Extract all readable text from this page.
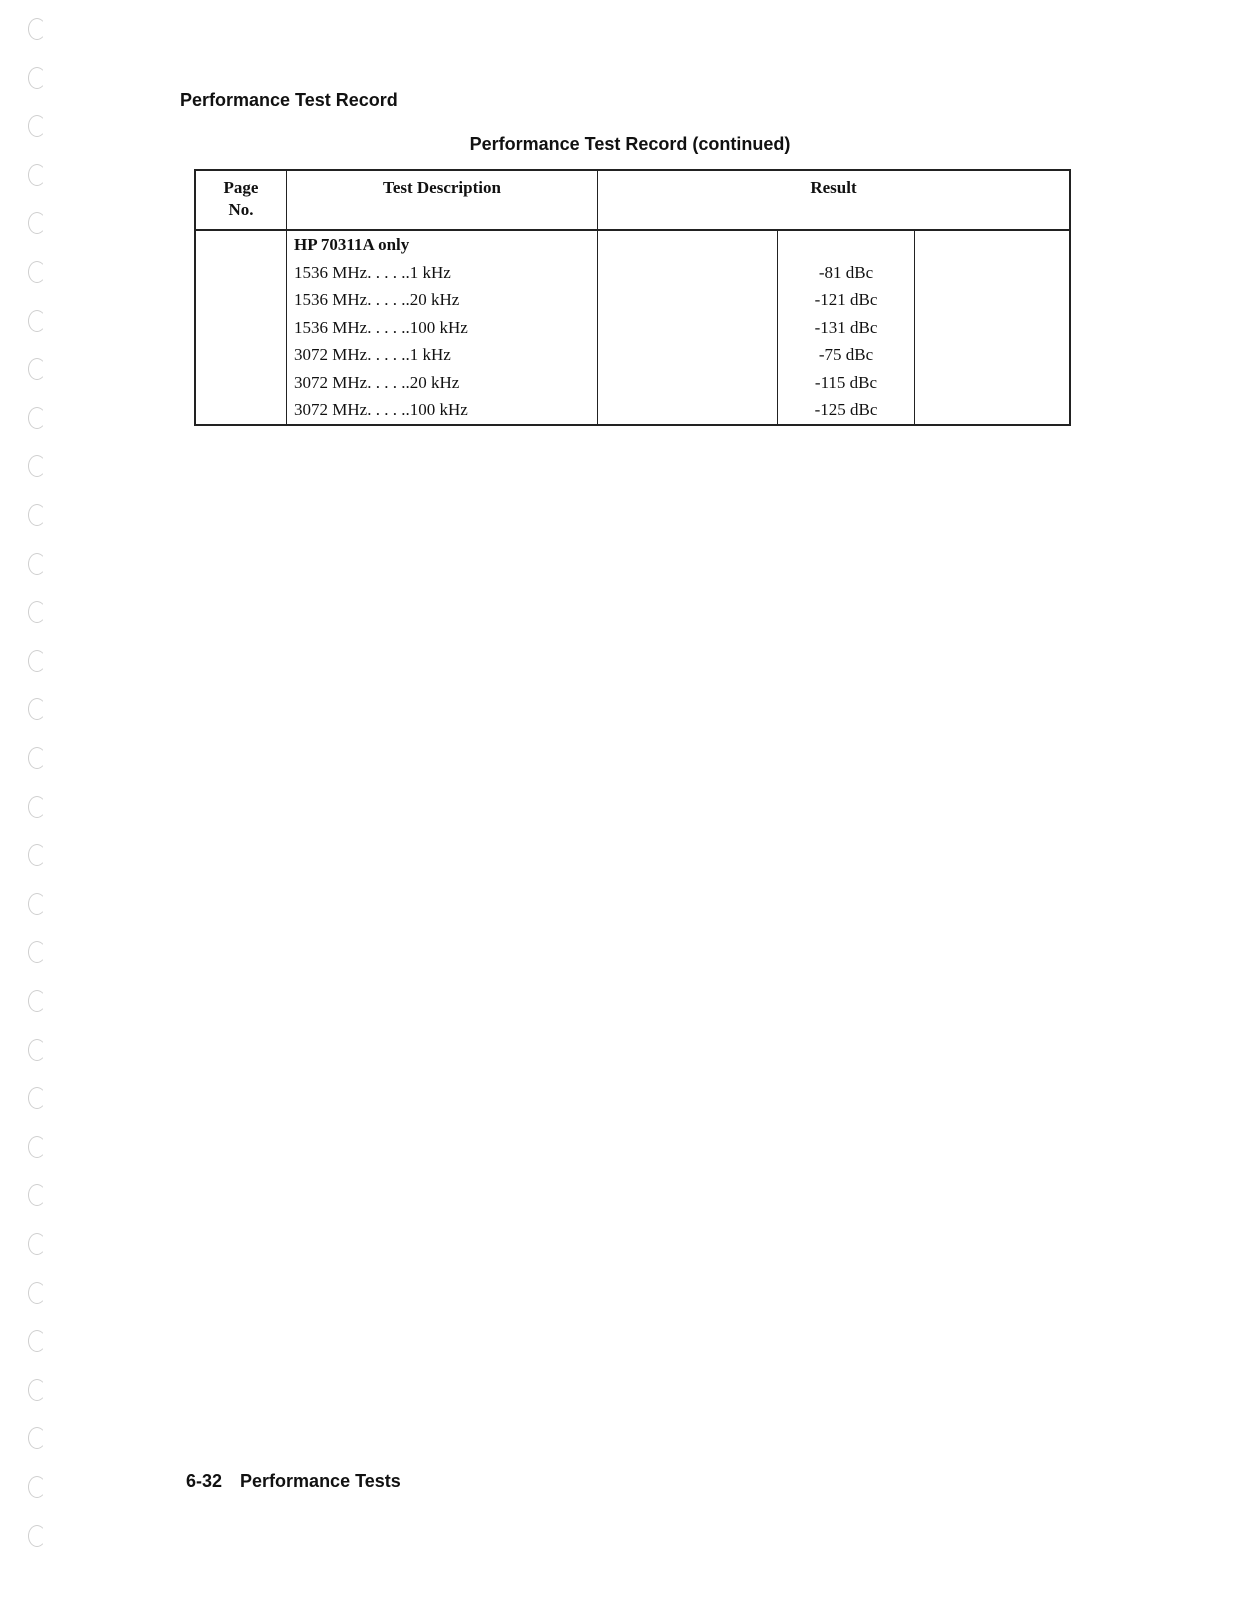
Performance Test Record
Performance Test Record (continued)
Page No.	Test Description	Result		
	HP 70311A only			
	1536 MHz. . . . ..1 kHz		-81 dBc	
	1536 MHz. . . . ..20 kHz		-121 dBc	
	1536 MHz. . . . ..100 kHz		-131 dBc	
	3072 MHz. . . . ..1 kHz		-75 dBc	
	3072 MHz. . . . ..20 kHz		-115 dBc	
	3072 MHz. . . . ..100 kHz		-125 dBc	

6-32 Performance Tests
